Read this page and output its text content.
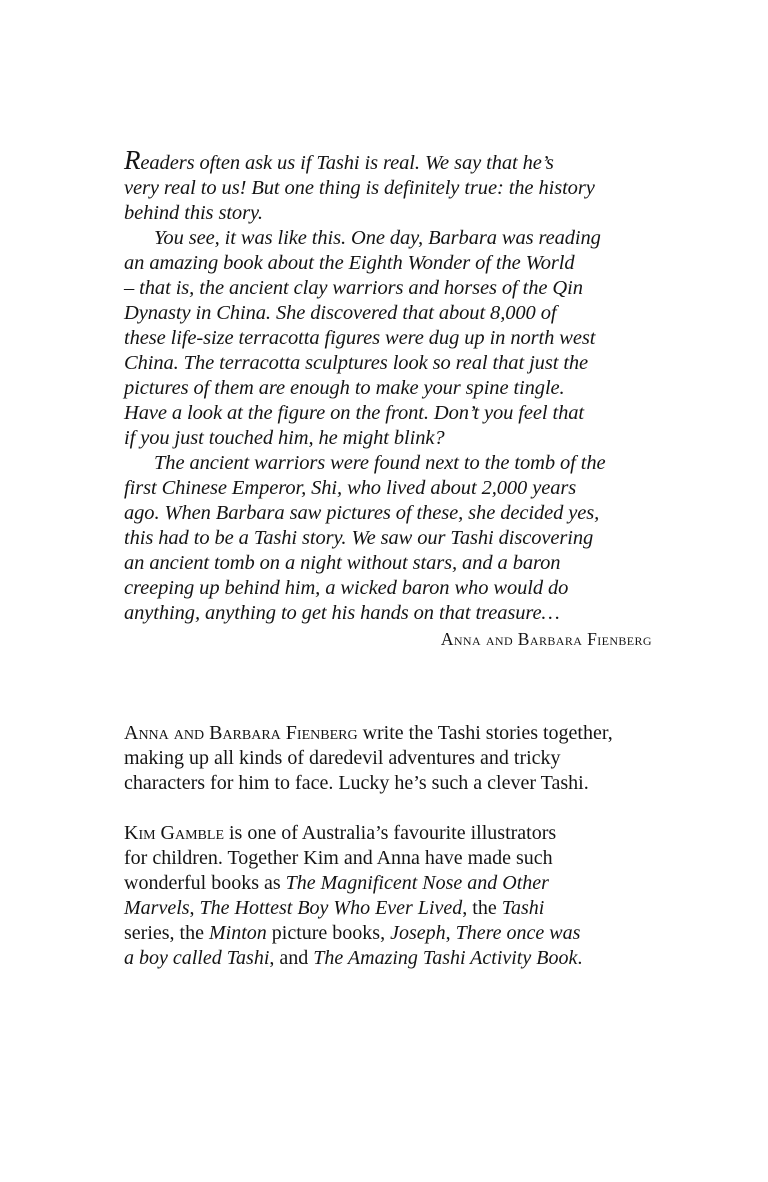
Readers often ask us if Tashi is real. We say that he’s
very real to us! But one thing is definitely true: the history
behind this story.
You see, it was like this. One day, Barbara was reading
an amazing book about the Eighth Wonder of the World
– that is, the ancient clay warriors and horses of the Qin
Dynasty in China. She discovered that about 8,000 of
these life-size terracotta figures were dug up in north west
China. The terracotta sculptures look so real that just the
pictures of them are enough to make your spine tingle.
Have a look at the figure on the front. Don’t you feel that
if you just touched him, he might blink?
The ancient warriors were found next to the tomb of the
first Chinese Emperor, Shi, who lived about 2,000 years
ago. When Barbara saw pictures of these, she decided yes,
this had to be a Tashi story. We saw our Tashi discovering
an ancient tomb on a night without stars, and a baron
creeping up behind him, a wicked baron who would do
anything, anything to get his hands on that treasure…
Anna and Barbara Fienberg
Anna and Barbara Fienberg write the Tashi stories together,
making up all kinds of daredevil adventures and tricky
characters for him to face. Lucky he’s such a clever Tashi.
Kim Gamble is one of Australia’s favourite illustrators
for children. Together Kim and Anna have made such
wonderful books as The Magnificent Nose and Other
Marvels, The Hottest Boy Who Ever Lived, the Tashi
series, the Minton picture books, Joseph, There once was
a boy called Tashi, and The Amazing Tashi Activity Book.
